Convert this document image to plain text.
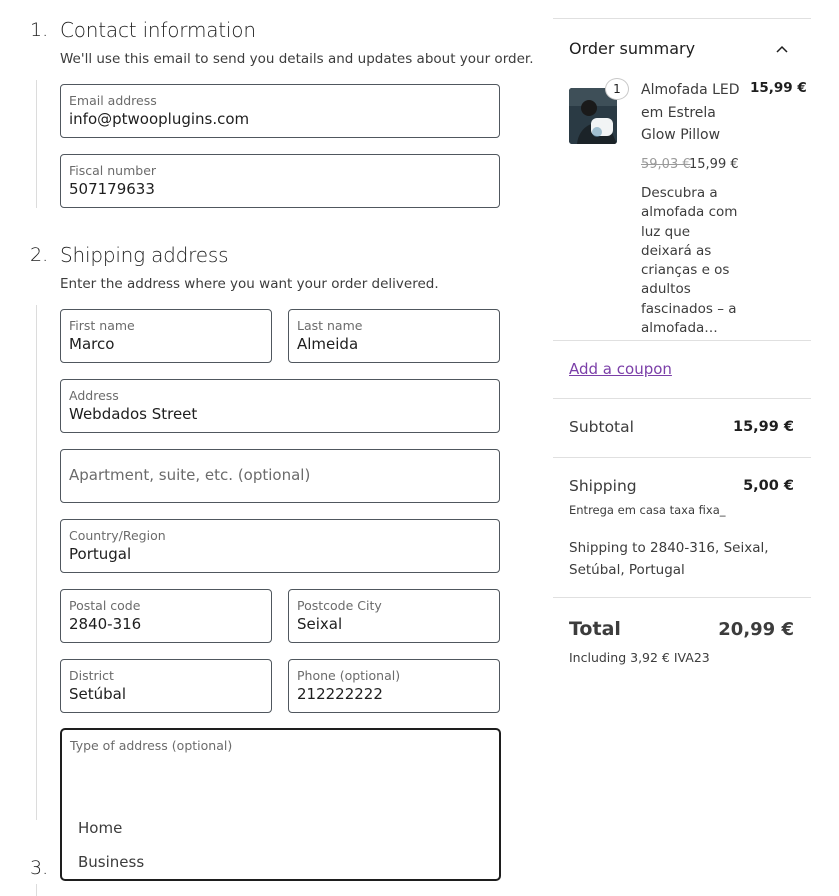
1. Contact information
We'll use this email to send you details and updates about your order.
Email address
info@ptwooplugins.com
Fiscal number
507179633
2. Shipping address
Enter the address where you want your order delivered.
First name
Marco
Last name
Almeida
Address
Webdados Street
Apartment, suite, etc. (optional)
Country/Region
Portugal
Postal code
2840-316
Postcode City
Seixal
District
Setúbal
Phone (optional)
212222222
Type of address (optional)
Home
Business
3.
Order summary
1	Almofada LED em Estrela Glow Pillow
15,99 €
59,03 €
15,99 €
Descubra a almofada com luz que deixará as crianças e os adultos fascinados – a almofada…
Add a coupon
Subtotal	15,99 €
Shipping	5,00 €
Entrega em casa taxa fixa_
Shipping to 2840-316, Seixal, Setúbal, Portugal
Total	20,99 €
Including 3,92 € IVA23
